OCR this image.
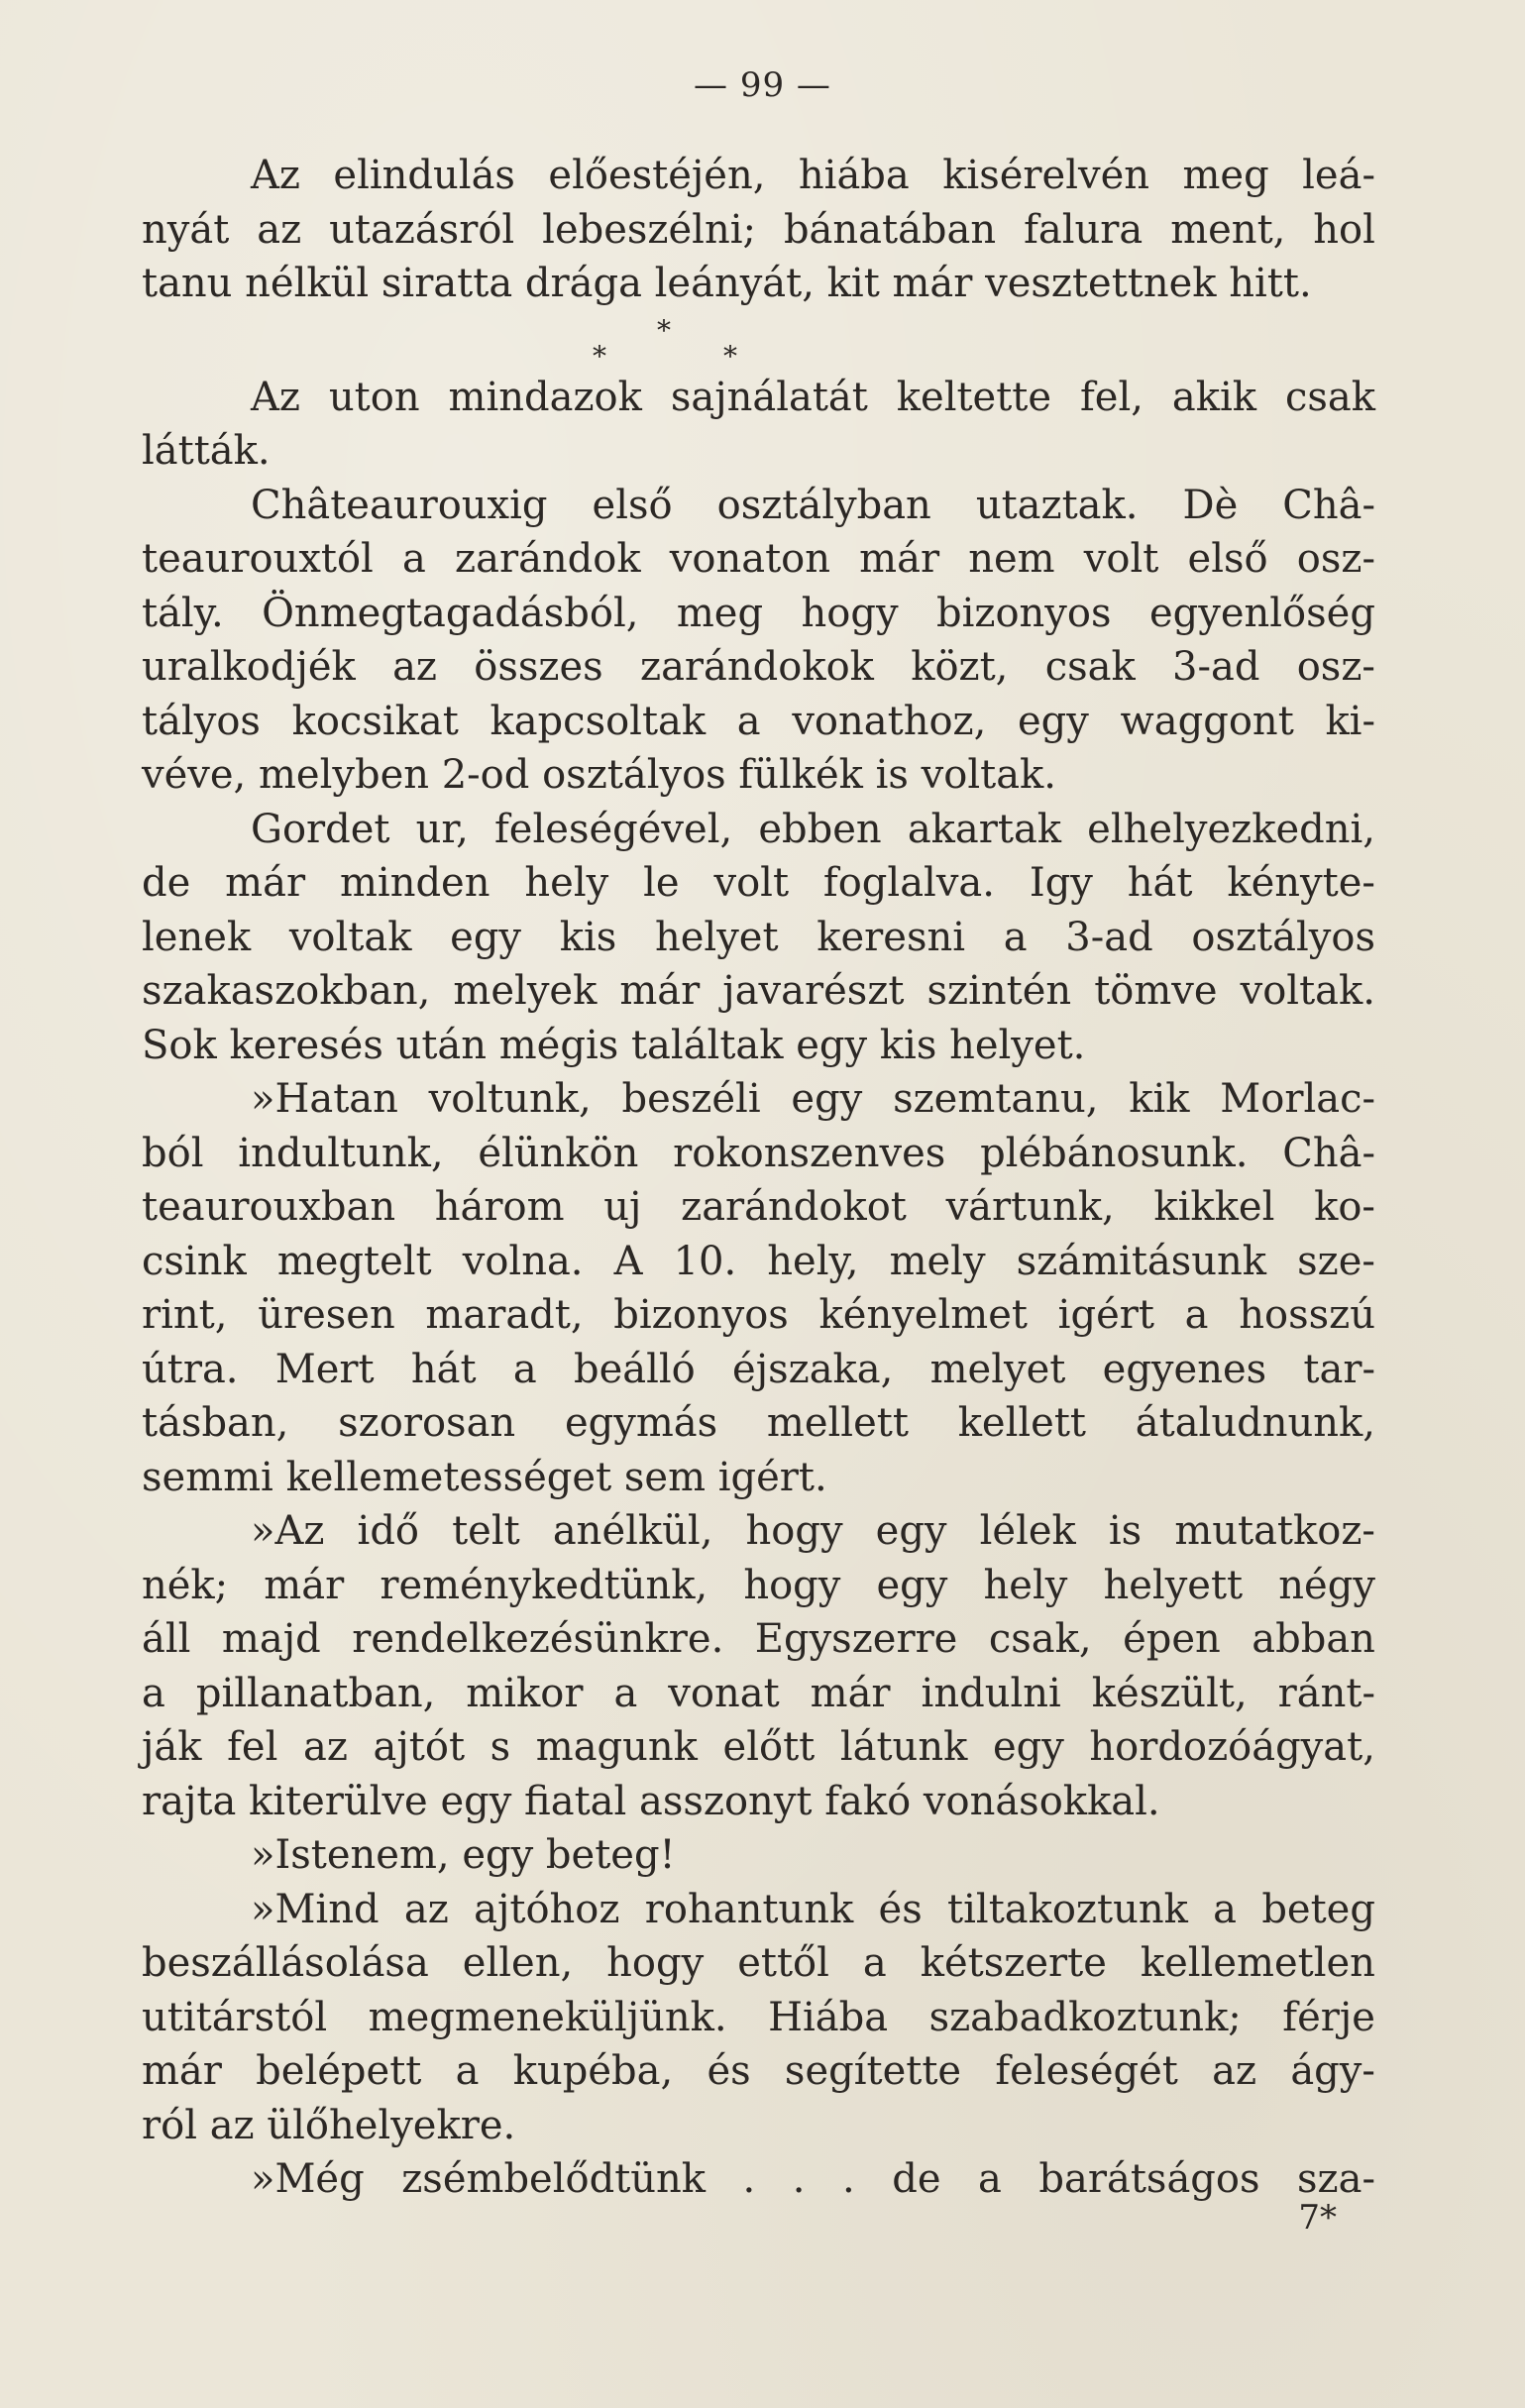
— 99 —
Az elindulás előestéjén, hiába kisérelvén meg leá-
nyát az utazásról lebeszélni; bánatában falura ment, hol
tanu nélkül siratta drága leányát, kit már vesztettnek hitt.
*
*	*
Az uton mindazok sajnálatát keltette fel, akik csak
látták.
Châteaurouxig első osztályban utaztak. Dè Châ-
teaurouxtól a zarándok vonaton már nem volt első osz-
tály. Önmegtagadásból, meg hogy bizonyos egyenlőség
uralkodjék az összes zarándokok közt, csak 3-ad osz-
tályos kocsikat kapcsoltak a vonathoz, egy waggont ki-
véve, melyben 2-od osztályos fülkék is voltak.
Gordet ur, feleségével, ebben akartak elhelyezkedni,
de már minden hely le volt foglalva. Igy hát kényte-
lenek voltak egy kis helyet keresni a 3-ad osztályos
szakaszokban, melyek már javarészt szintén tömve voltak.
Sok keresés után mégis találtak egy kis helyet.
»Hatan voltunk, beszéli egy szemtanu, kik Morlac-
ból indultunk, élünkön rokonszenves plébánosunk. Châ-
teaurouxban három uj zarándokot vártunk, kikkel ko-
csink megtelt volna. A 10. hely, mely számitásunk sze-
rint, üresen maradt, bizonyos kényelmet igért a hosszú
útra. Mert hát a beálló éjszaka, melyet egyenes tar-
tásban, szorosan egymás mellett kellett átaludnunk,
semmi kellemetességet sem igért.
»Az idő telt anélkül, hogy egy lélek is mutatkoz-
nék; már reménykedtünk, hogy egy hely helyett négy
áll majd rendelkezésünkre. Egyszerre csak, épen abban
a pillanatban, mikor a vonat már indulni készült, ránt-
ják fel az ajtót s magunk előtt látunk egy hordozóágyat,
rajta kiterülve egy fiatal asszonyt fakó vonásokkal.
»Istenem, egy beteg!
»Mind az ajtóhoz rohantunk és tiltakoztunk a beteg
beszállásolása ellen, hogy ettől a kétszerte kellemetlen
utitárstól megmeneküljünk. Hiába szabadkoztunk; férje
már belépett a kupéba, és segítette feleségét az ágy-
ról az ülőhelyekre.
»Még zsémbelődtünk . . . de a barátságos sza-
7*
